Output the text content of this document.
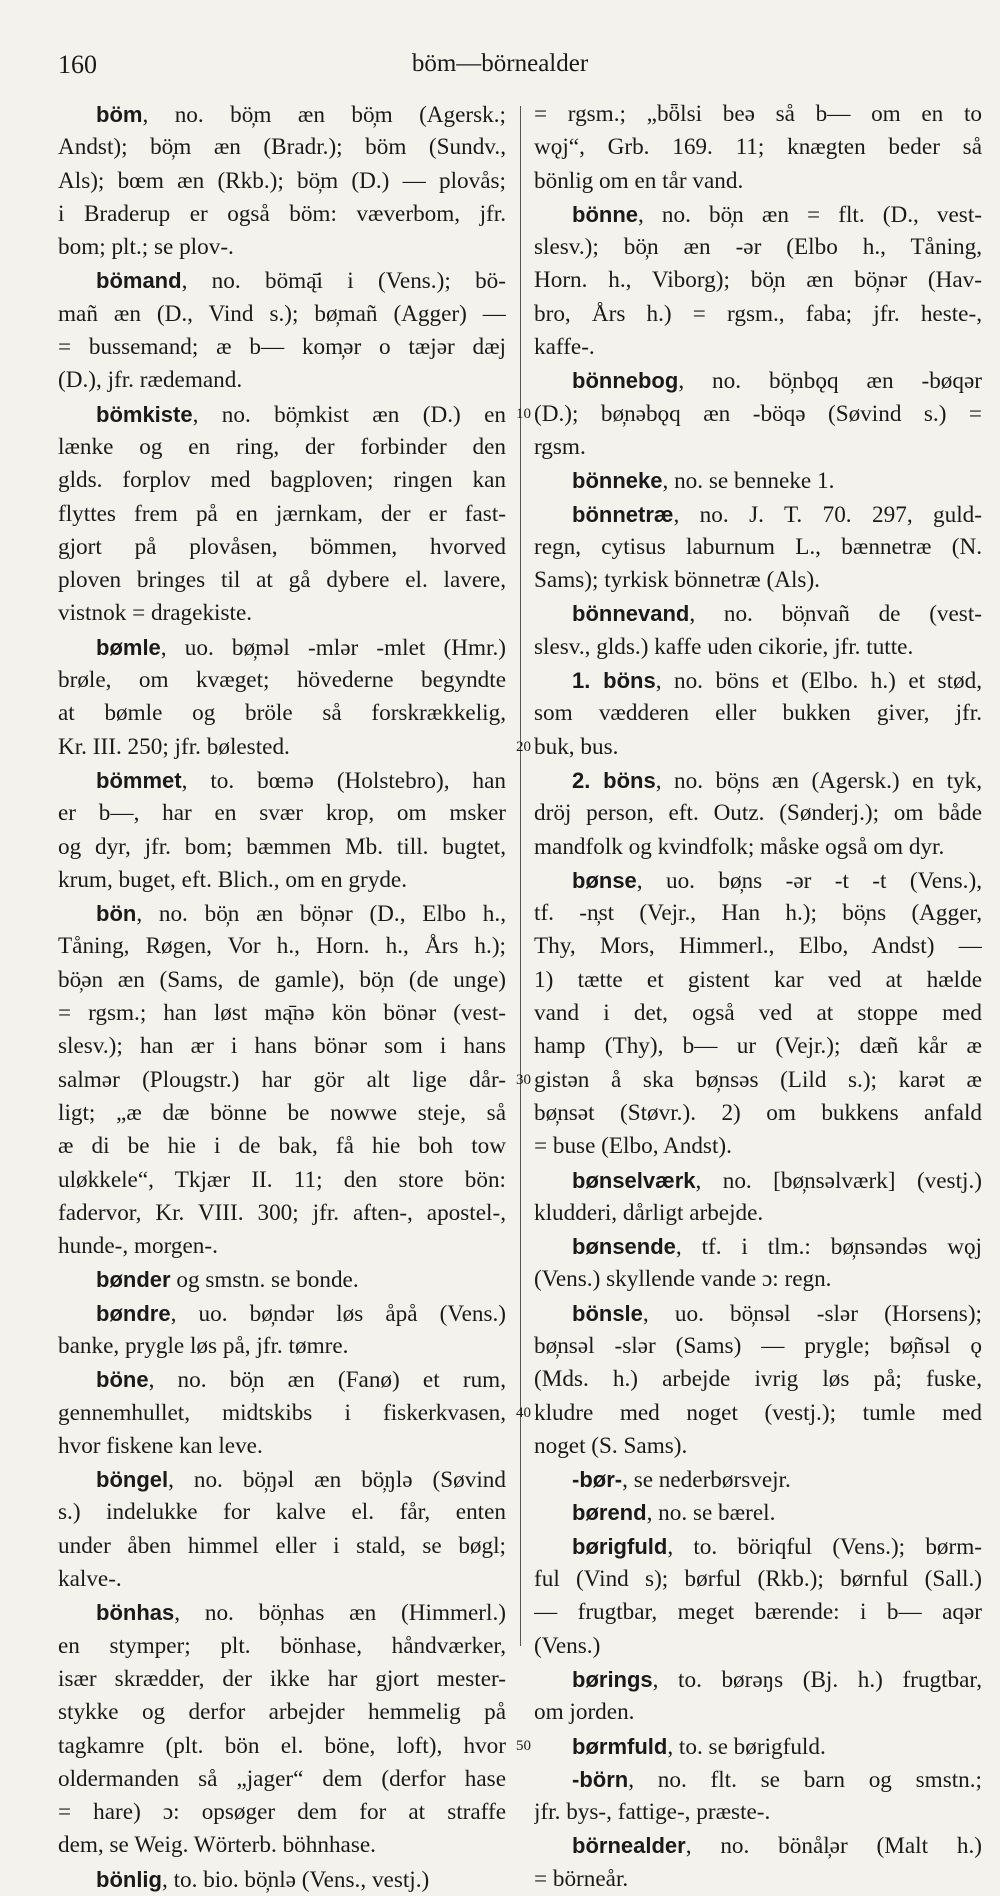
160	böm—börnealder
böm, no. bö̦m æn bö̦m (Agersk.;
Andst); bö̦m æn (Bradr.); böm (Sundv.,
Als); bœm æn (Rkb.); bö̦m (D.) — plovås;
i Braderup er også böm: væverbom, jfr.
bom; plt.; se plov-.
bömand, no. bömą̄i i (Vens.); bö-
mañ æn (D., Vind s.); bø̦mañ (Agger) —
= bussemand; æ b— kom̦ər o tæjər dæj
(D.), jfr. rædemand.
bömkiste, no. bö̦mkist æn (D.) en
lænke og en ring, der forbinder den
glds. forplov med bagploven; ringen kan
flyttes frem på en jærnkam, der er fast-
gjort på plovåsen, bömmen, hvorved
ploven bringes til at gå dybere el. lavere,
vistnok = dragekiste.
bømle, uo. bø̦məl -mlər -mlet (Hmr.)
brøle, om kvæget; hövederne begyndte
at bømle og bröle så forskrækkelig,
Kr. III. 250; jfr. bølested.
bömmet, to. bœmə (Holstebro), han
er b—, har en svær krop, om msker
og dyr, jfr. bom; bæmmen Mb. till. bugtet,
krum, buget, eft. Blich., om en gryde.
bön, no. bö̦n æn bö̦nər (D., Elbo h.,
Tåning, Røgen, Vor h., Horn. h., Års h.);
bö̦ən æn (Sams, de gamle), bö̦n (de unge)
= rgsm.; han løst mą̄nə kön bönər (vest-
slesv.); han ær i hans bönər som i hans
salmər (Plougstr.) har gör alt lige dår-
ligt; „æ dæ bönne be nowwe steje, så
æ di be hie i de bak, få hie boh tow
uløkkele“, Tkjær II. 11; den store bön:
fadervor, Kr. VIII. 300; jfr. aften-, apostel-,
hunde-, morgen-.
bønder og smstn. se bonde.
bøndre, uo. bø̦ndər løs åpå (Vens.)
banke, prygle løs på, jfr. tømre.
böne, no. bö̦n æn (Fanø) et rum,
gennemhullet, midtskibs i fiskerkvasen,
hvor fiskene kan leve.
böngel, no. bö̦ŋəl æn bö̦ŋlə (Søvind
s.) indelukke for kalve el. får, enten
under åben himmel eller i stald, se bøgl;
kalve-.
bönhas, no. bö̦nhas æn (Himmerl.)
en stymper; plt. bönhase, håndværker,
især skrædder, der ikke har gjort mester-
stykke og derfor arbejder hemmelig på
tagkamre (plt. bön el. böne, loft), hvor
oldermanden så „jager“ dem (derfor hase
= hare) ɔ: opsøger dem for at straffe
dem, se Weig. Wörterb. böhnhase.
bönlig, to. bio. bö̦nlə (Vens., vestj.)
10
20
30
40
50
= rgsm.; „bȫlsi beə så b— om en to
wǫj“, Grb. 169. 11; knægten beder så
bönlig om en tår vand.
bönne, no. bö̦n æn = flt. (D., vest-
slesv.); bö̦n æn -ər (Elbo h., Tåning,
Horn. h., Viborg); bö̦n æn bö̦nər (Hav-
bro, Års h.) = rgsm., faba; jfr. heste-,
kaffe-.
bönnebog, no. bö̦nbǫq æn -bøqər
(D.); bø̦nəbǫq æn -böqə (Søvind s.) =
rgsm.
bönneke, no. se benneke 1.
bönnetræ, no. J. T. 70. 297, guld-
regn, cytisus laburnum L., bænnetræ (N.
Sams); tyrkisk bönnetræ (Als).
bönnevand, no. bö̦nvañ de (vest-
slesv., glds.) kaffe uden cikorie, jfr. tutte.
1. böns, no. böns et (Elbo. h.) et stød,
som vædderen eller bukken giver, jfr.
buk, bus.
2. böns, no. bö̦ns æn (Agersk.) en tyk,
dröj person, eft. Outz. (Sønderj.); om både
mandfolk og kvindfolk; måske også om dyr.
bønse, uo. bø̦ns -ər -t -t (Vens.),
tf. -n̦st (Vejr., Han h.); bö̦ns (Agger,
Thy, Mors, Himmerl., Elbo, Andst) —
1) tætte et gistent kar ved at hælde
vand i det, også ved at stoppe med
hamp (Thy), b— ur (Vejr.); dæñ kår æ
gistən å ska bø̦nsəs (Lild s.); karət æ
bø̦nsət (Støvr.). 2) om bukkens anfald
= buse (Elbo, Andst).
bønselværk, no. [bø̦nsəlværk] (vestj.)
kludderi, dårligt arbejde.
bønsende, tf. i tlm.: bø̦nsəndəs wǫj
(Vens.) skyllende vande ɔ: regn.
bönsle, uo. bö̦nsəl -slər (Horsens);
bø̦nsəl -slər (Sams) — prygle; bø̦ñsəl ǫ
(Mds. h.) arbejde ivrig løs på; fuske,
kludre med noget (vestj.); tumle med
noget (S. Sams).
-bør-, se nederbørsvejr.
børend, no. se bærel.
børigfuld, to. böriqful (Vens.); børm-
ful (Vind s); børful (Rkb.); børnful (Sall.)
— frugtbar, meget bærende: i b— aqər
(Vens.)
børings, to. børəŋs (Bj. h.) frugtbar,
om jorden.
børmfuld, to. se børigfuld.
-börn, no. flt. se barn og smstn.;
jfr. bys-, fattige-, præste-.
börnealder, no. bönål̦ər (Malt h.)
= börneår.
